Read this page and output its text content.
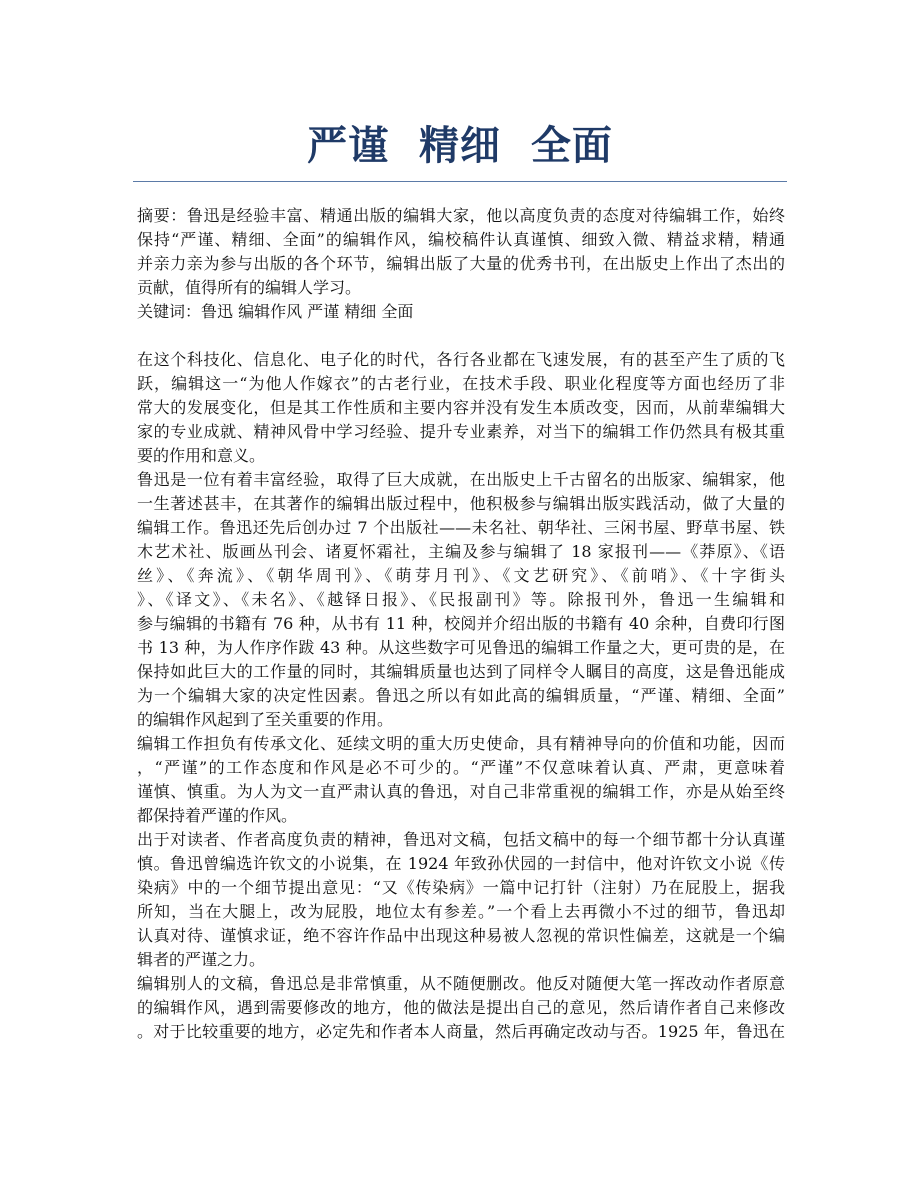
严谨  精细  全面
摘要：鲁迅是经验丰富、精通出版的编辑大家，他以高度负责的态度对待编辑工作，始终
保持“严谨、精细、全面”的编辑作风，编校稿件认真谨慎、细致入微、精益求精，精通
并亲力亲为参与出版的各个环节，编辑出版了大量的优秀书刊，在出版史上作出了杰出的
贡献，值得所有的编辑人学习。
关键词：鲁迅 编辑作风 严谨 精细 全面
在这个科技化、信息化、电子化的时代，各行各业都在飞速发展，有的甚至产生了质的飞
跃，编辑这一“为他人作嫁衣”的古老行业，在技术手段、职业化程度等方面也经历了非
常大的发展变化，但是其工作性质和主要内容并没有发生本质改变，因而，从前辈编辑大
家的专业成就、精神风骨中学习经验、提升专业素养，对当下的编辑工作仍然具有极其重
要的作用和意义。
鲁迅是一位有着丰富经验，取得了巨大成就，在出版史上千古留名的出版家、编辑家，他
一生著述甚丰，在其著作的编辑出版过程中，他积极参与编辑出版实践活动，做了大量的
编辑工作。鲁迅还先后创办过 7 个出版社——未名社、朝华社、三闲书屋、野草书屋、铁
木艺术社、版画丛刊会、诸夏怀霜社，主编及参与编辑了 18 家报刊——《莽原》、《语
丝》、《奔流》、《朝华周刊》、《萌芽月刊》、《文艺研究》、《前哨》、《十字街头
》、《译文》、《未名》、《越铎日报》、《民报副刊》等。除报刊外，鲁迅一生编辑和
参与编辑的书籍有 76 种，从书有 11 种，校阅并介绍出版的书籍有 40 余种，自费印行图
书 13 种，为人作序作跋 43 种。从这些数字可见鲁迅的编辑工作量之大，更可贵的是，在
保持如此巨大的工作量的同时，其编辑质量也达到了同样令人瞩目的高度，这是鲁迅能成
为一个编辑大家的决定性因素。鲁迅之所以有如此高的编辑质量，“严谨、精细、全面”
的编辑作风起到了至关重要的作用。
编辑工作担负有传承文化、延续文明的重大历史使命，具有精神导向的价值和功能，因而
，“严谨”的工作态度和作风是必不可少的。“严谨”不仅意味着认真、严肃，更意味着
谨慎、慎重。为人为文一直严肃认真的鲁迅，对自己非常重视的编辑工作，亦是从始至终
都保持着严谨的作风。
出于对读者、作者高度负责的精神，鲁迅对文稿，包括文稿中的每一个细节都十分认真谨
慎。鲁迅曾编选许钦文的小说集，在 1924 年致孙伏园的一封信中，他对许钦文小说《传
染病》中的一个细节提出意见：“又《传染病》一篇中记打针（注射）乃在屁股上，据我
所知，当在大腿上，改为屁股，地位太有参差。”一个看上去再微小不过的细节，鲁迅却
认真对待、谨慎求证，绝不容许作品中出现这种易被人忽视的常识性偏差，这就是一个编
辑者的严谨之力。
编辑别人的文稿，鲁迅总是非常慎重，从不随便删改。他反对随便大笔一挥改动作者原意
的编辑作风，遇到需要修改的地方，他的做法是提出自己的意见，然后请作者自己来修改
。对于比较重要的地方，必定先和作者本人商量，然后再确定改动与否。1925 年，鲁迅在
